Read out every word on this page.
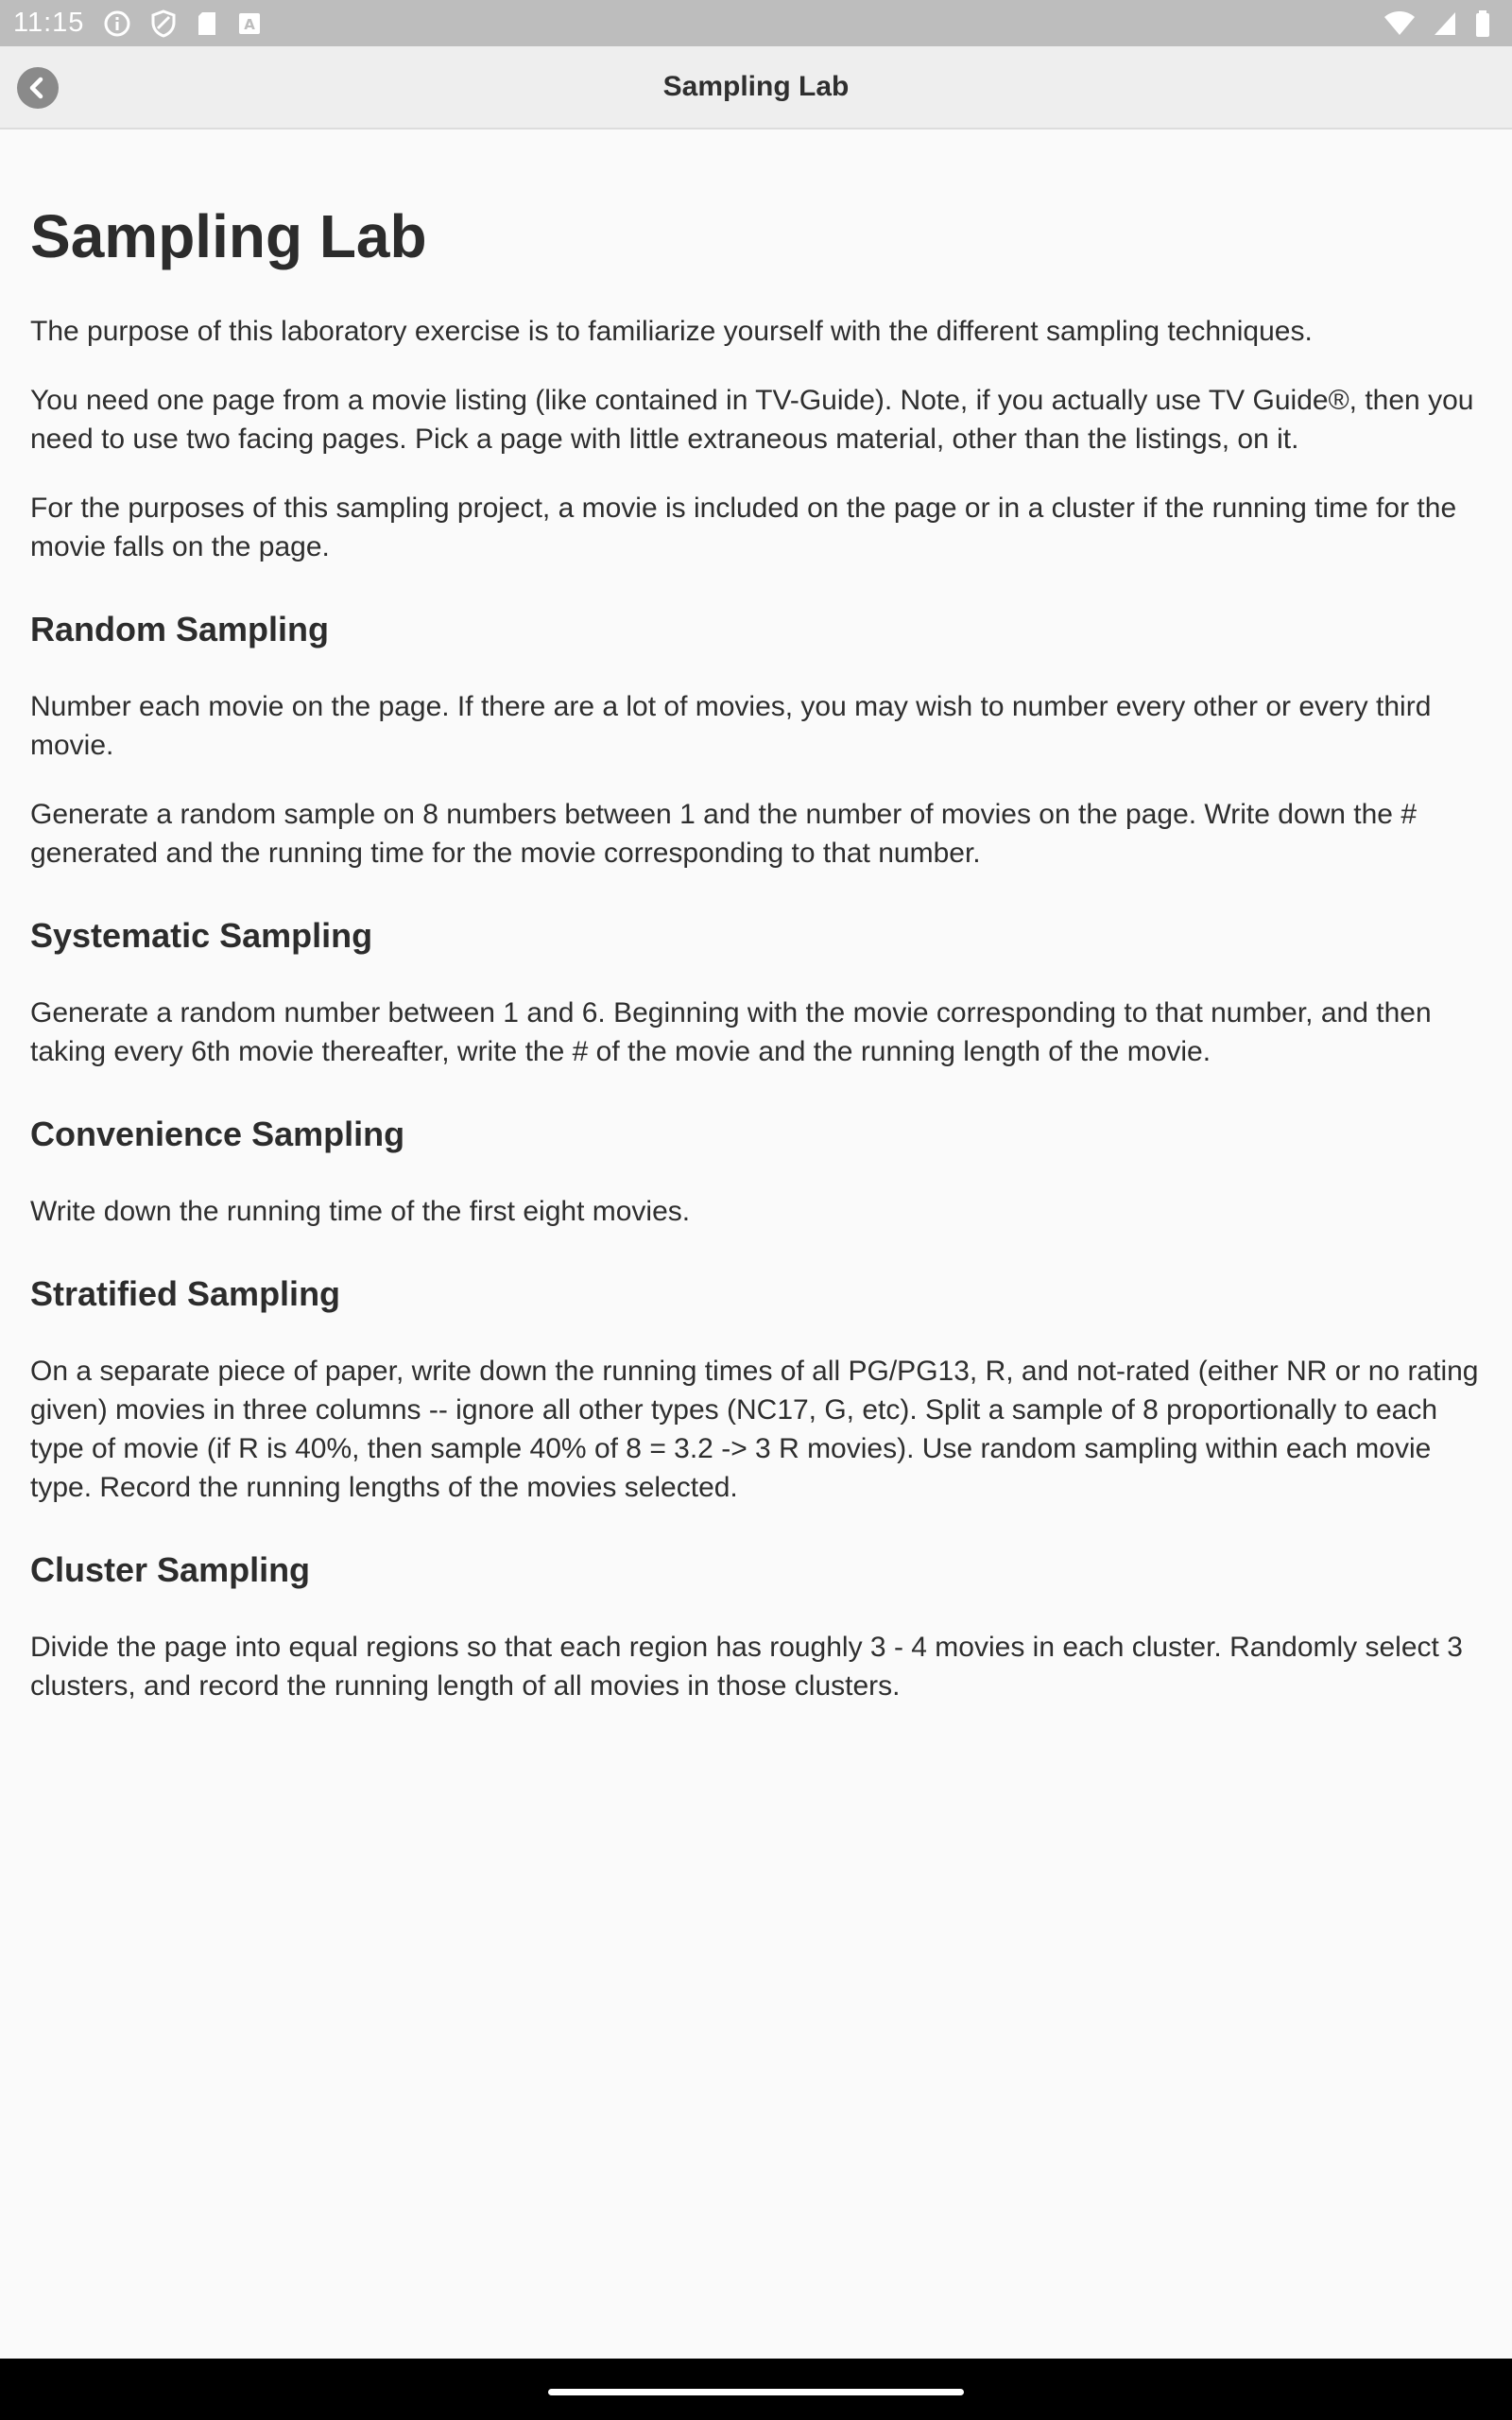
11:15	A
Sampling Lab
Sampling Lab

The purpose of this laboratory exercise is to familiarize yourself with the different sampling techniques.

You need one page from a movie listing (like contained in TV-Guide). Note, if you actually use TV Guide®, then you need to use two facing pages. Pick a page with little extraneous material, other than the listings, on it.

For the purposes of this sampling project, a movie is included on the page or in a cluster if the running time for the movie falls on the page.

Random Sampling

Number each movie on the page. If there are a lot of movies, you may wish to number every other or every third movie.

Generate a random sample on 8 numbers between 1 and the number of movies on the page. Write down the # generated and the running time for the movie corresponding to that number.

Systematic Sampling

Generate a random number between 1 and 6. Beginning with the movie corresponding to that number, and then taking every 6th movie thereafter, write the # of the movie and the running length of the movie.

Convenience Sampling

Write down the running time of the first eight movies.

Stratified Sampling

On a separate piece of paper, write down the running times of all PG/PG13, R, and not-rated (either NR or no rating given) movies in three columns -- ignore all other types (NC17, G, etc). Split a sample of 8 proportionally to each type of movie (if R is 40%, then sample 40% of 8 = 3.2 -> 3 R movies). Use random sampling within each movie type. Record the running lengths of the movies selected.

Cluster Sampling

Divide the page into equal regions so that each region has roughly 3 - 4 movies in each cluster. Randomly select 3 clusters, and record the running length of all movies in those clusters.
